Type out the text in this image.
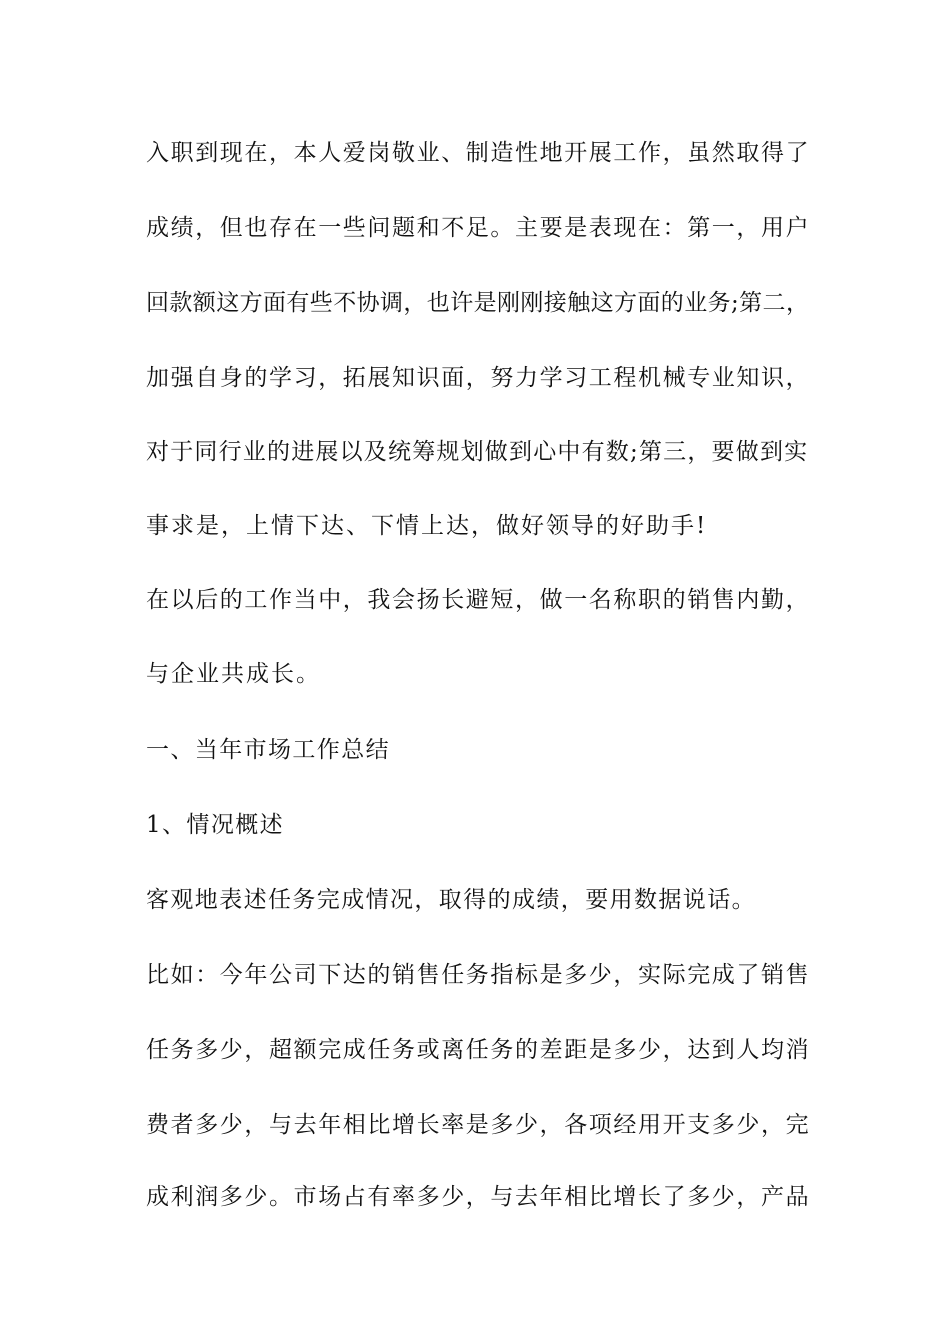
入职到现在，本人爱岗敬业、制造性地开展工作，虽然取得了
成绩，但也存在一些问题和不足。主要是表现在：第一，用户
回款额这方面有些不协调，也许是刚刚接触这方面的业务;第二，
加强自身的学习，拓展知识面，努力学习工程机械专业知识，
对于同行业的进展以及统筹规划做到心中有数;第三，要做到实
事求是，上情下达、下情上达，做好领导的好助手!
在以后的工作当中，我会扬长避短，做一名称职的销售内勤，
与企业共成长。
一、当年市场工作总结
1、情况概述
客观地表述任务完成情况，取得的成绩，要用数据说话。
比如：今年公司下达的销售任务指标是多少，实际完成了销售
任务多少，超额完成任务或离任务的差距是多少，达到人均消
费者多少，与去年相比增长率是多少，各项经用开支多少，完
成利润多少。市场占有率多少，与去年相比增长了多少，产品
